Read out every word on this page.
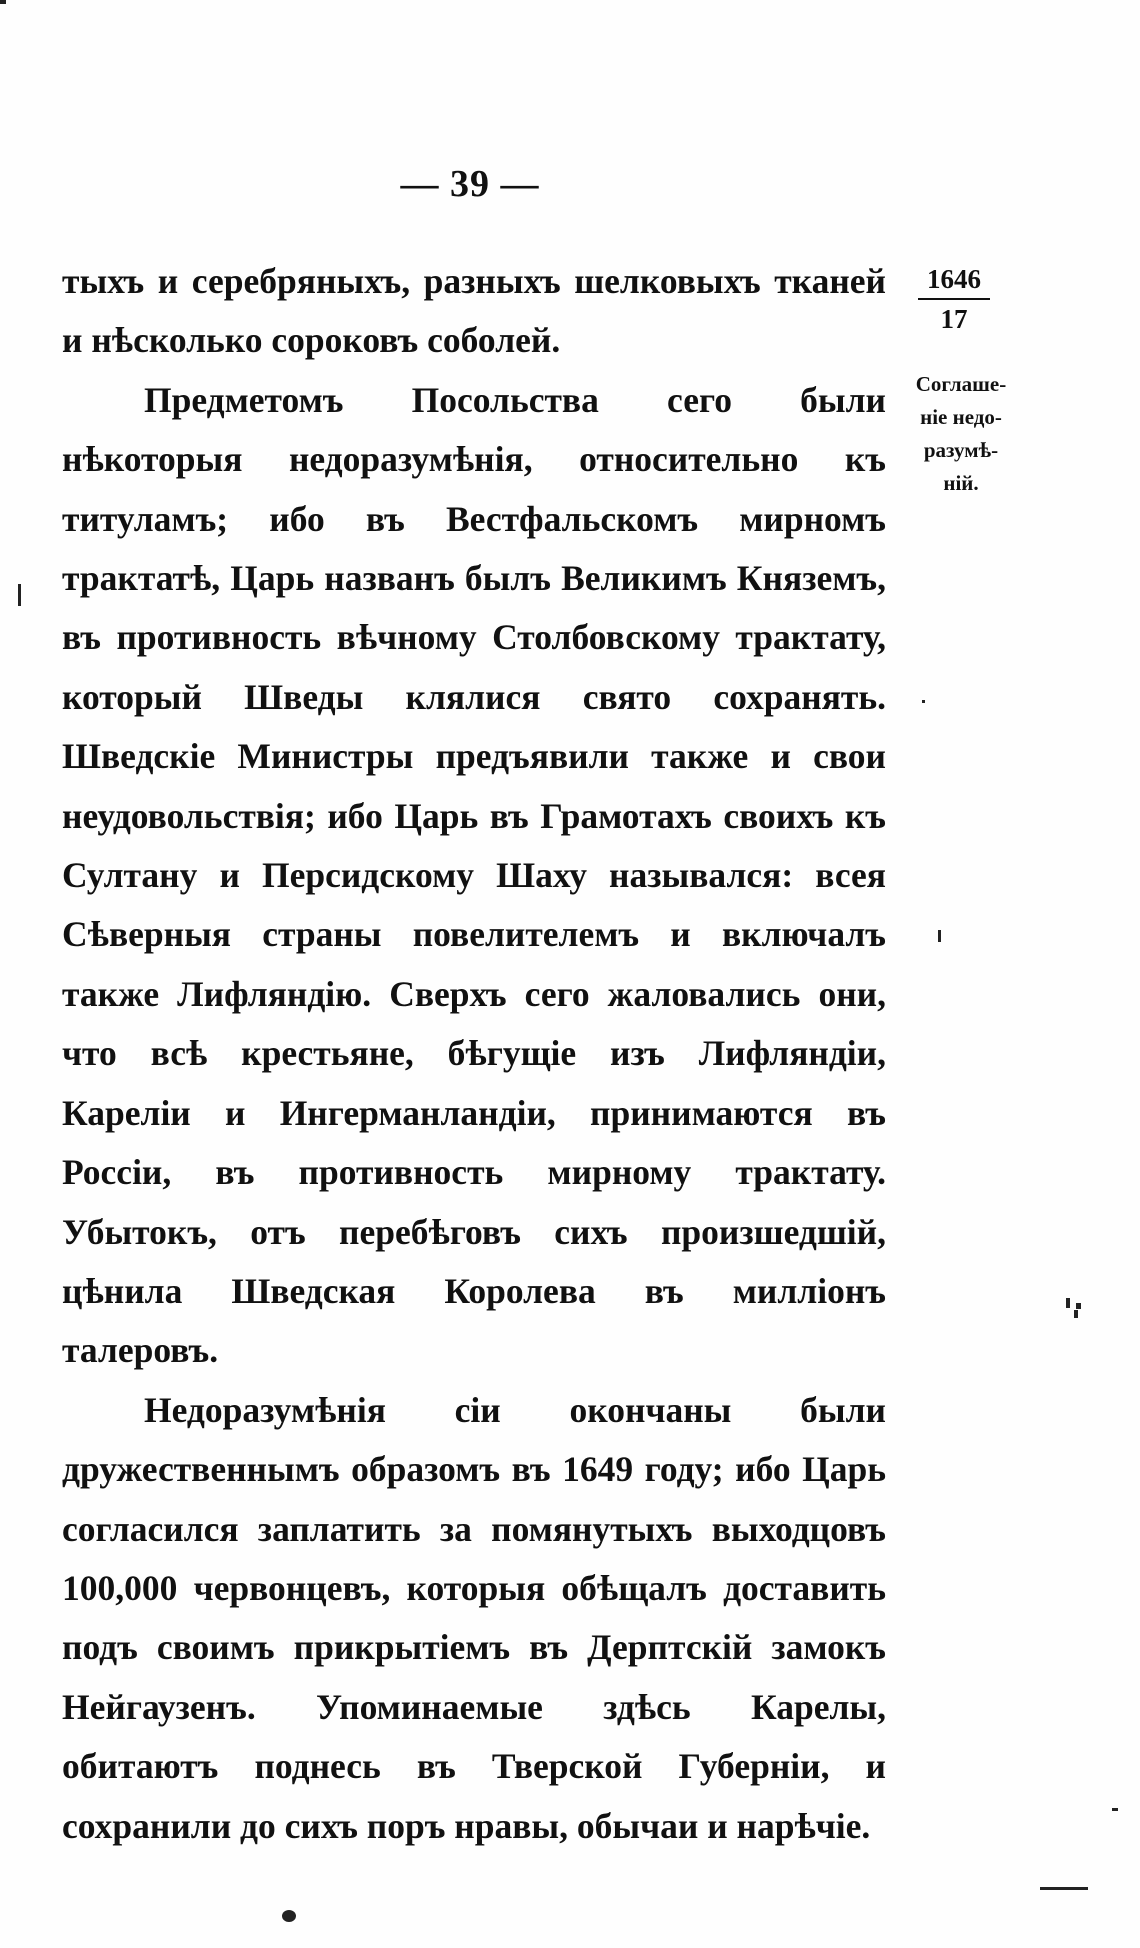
— 39 —
1646
17
Соглаше-
ніе недо-
разумѣ-
ній.

тыхъ и серебряныхъ, разныхъ шелковыхъ тканей и нѣсколько сороковъ соболей.

Предметомъ Посольства сего были нѣкоторыя недоразумѣнія, относительно къ титуламъ; ибо въ Вестфальскомъ мирномъ трактатѣ, Царь названъ былъ Великимъ Княземъ, въ противность вѣчному Столбовскому трактату, который Шведы клялися свято сохранять. Шведскіе Министры предъявили также и свои неудовольствія; ибо Царь въ Грамотахъ своихъ къ Султану и Персидскому Шаху назывался: всея Сѣверныя страны повелителемъ и включалъ также Лифляндію. Сверхъ сего жаловались они, что всѣ крестьяне, бѣгущіе изъ Лифляндіи, Кареліи и Ингерманландіи, принимаются въ Россіи, въ противность мирному трактату. Убытокъ, отъ перебѣговъ сихъ произшедшій, цѣнила Шведская Королева въ милліонъ талеровъ.

Недоразумѣнія сіи окончаны были дружественнымъ образомъ въ 1649 году; ибо Царь согласился заплатить за помянутыхъ выходцовъ 100,000 червонцевъ, которыя обѣщалъ доставить подъ своимъ прикрытіемъ въ Дерптскій замокъ Нейгаузенъ. Упоминаемые здѣсь Карелы, обитаютъ поднесь въ Тверской Губерніи, и сохранили до сихъ поръ нравы, обычаи и нарѣчіе.
